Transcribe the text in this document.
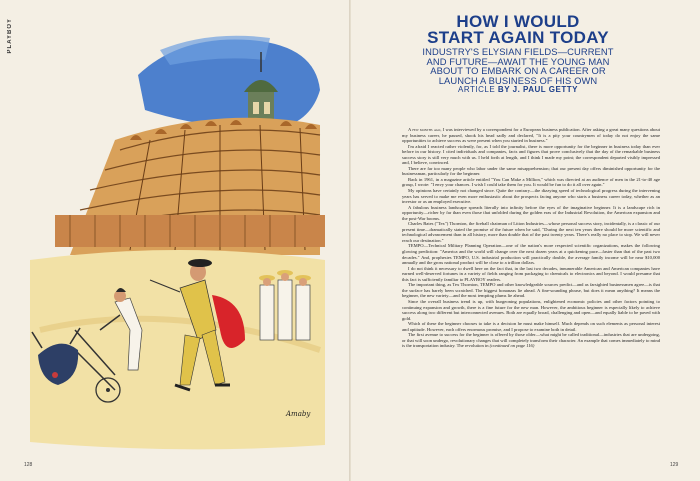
PLAYBOY
Amaby
128
HOW I WOULD
START AGAIN TODAY
INDUSTRY'S ELYSIAN FIELDS—CURRENT
AND FUTURE—AWAIT THE YOUNG MAN
ABOUT TO EMBARK ON A CAREER OR
LAUNCH A BUSINESS OF HIS OWN
ARTICLE BY J. PAUL GETTY

A few months ago, I was interviewed by a correspondent for a European business publication. After asking a great many questions about my business career, he paused, shook his head sadly and declared, "It is a pity your countrymen of today do not enjoy the same opportunities to achieve success as were present when you started in business."

I'm afraid I reacted rather violently, for, as I told the journalist, there is more opportunity for the beginner in business today than ever before in our history. I cited individuals and companies, facts and figures that prove conclusively that the day of the remarkable business success story is still very much with us. I held forth at length, and I think I made my point; the correspondent departed visibly impressed and, I believe, convinced.

There are far too many people who labor under the same misapprehension; that our present day offers diminished opportunity for the businessman, particularly for the beginner.

Back in 1961, in a magazine article entitled "You Can Make a Million," which was directed at an audience of men in the 21-to-40 age group, I wrote: "I envy your chances. I wish I could take them for you. It would be fun to do it all over again."

My opinions have certainly not changed since. Quite the contrary—the dizzying speed of technological progress during the intervening years has served to make me even more enthusiastic about the prospects facing anyone who starts a business career today, whether as an investor or as an employed executive.

A fabulous business landscape spreads literally into infinity before the eyes of the imaginative beginner. It is a landscape rich in opportunity—richer by far than even those that unfolded during the golden eras of the Industrial Revolution, the American expansion and the post-War booms.

Charles Bates ("Tex") Thornton, the fireball chairman of Litton Industries—whose personal success story, incidentally, is a classic of our present time—dramatically stated the promise of the future when he said, "During the next ten years there should be more scientific and technological advancement than in all history, more than double that of the past twenty years. There's really no place to stop. We will never reach our destination."

TEMPO—Technical Military Planning Operation—one of the nation's more respected scientific organizations, makes the following glowing prediction: "America and the world will change over the next dozen years at a quickening pace—faster than that of the past two decades." And, prophesies TEMPO, U.S. industrial production will practically double, the average family income will be near $10,000 annually and the gross national product will be close to a trillion dollars.

I do not think it necessary to dwell here on the fact that, in the last two decades, innumerable American and American companies have earned well-deserved fortunes in a variety of fields ranging from packaging to chemicals to electronics and beyond. I would presume that this fact is sufficiently familiar to PLAYBOY readers.

The important thing, as Tex Thornton, TEMPO and other knowledgeable sources predict—and as farsighted businessmen agree—is that the surface has barely been scratched. The biggest bonanzas lie ahead. A fine-sounding phrase, but does it mean anything? It means the beginner, the new variety—and the most tempting plums lie ahead.

Since the overall business trend is up, with burgeoning populations, enlightened economic policies and other factors pointing to continuing expansion and growth, there is a fine future for the new man. However, the ambitious beginner is especially likely to achieve success along two different but interconnected avenues. Both are equally broad, challenging and open—and equally liable to be paved with gold.

Which of these the beginner chooses to take is a decision he must make himself. Much depends on such elements as personal interest and aptitude. However, each offers enormous promise, and I propose to examine both in detail.

The first avenue to success for the beginner is offered by those older—what might be called traditional—industries that are undergoing, or that will soon undergo, revolutionary changes that will completely transform their character. An example that comes immediately to mind is the transportation industry. The revolution in (continued on page 116)

129
